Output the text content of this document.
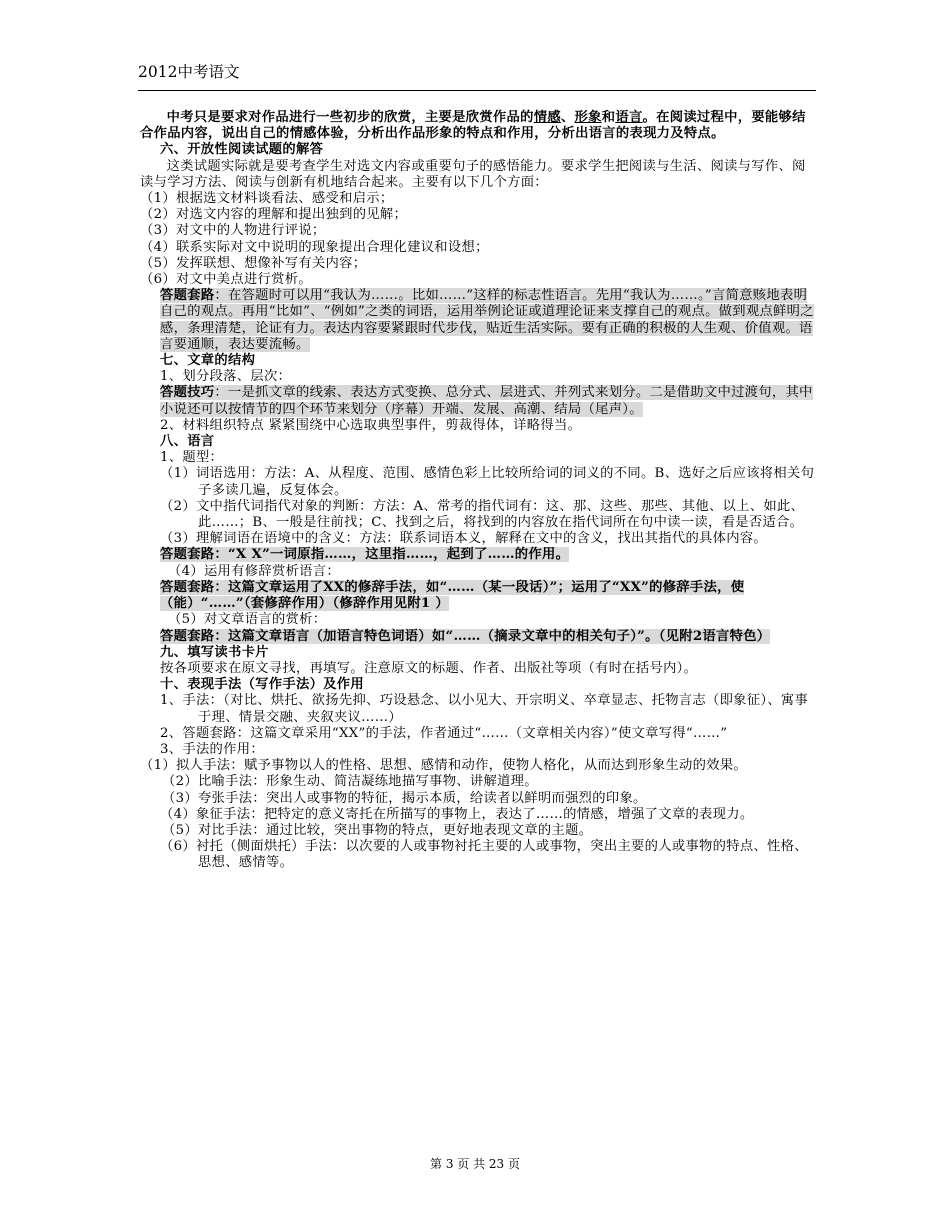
2012中考语文

中考只是要求对作品进行一些初步的欣赏，主要是欣赏作品的情感、形象和语言。在阅读过程中，要能够结合作品内容，说出自己的情感体验，分析出作品形象的特点和作用，分析出语言的表现力及特点。

六、开放性阅读试题的解答

这类试题实际就是要考查学生对选文内容或重要句子的感悟能力。要求学生把阅读与生活、阅读与写作、阅读与学习方法、阅读与创新有机地结合起来。主要有以下几个方面：

（1）根据选文材料谈看法、感受和启示；

（2）对选文内容的理解和提出独到的见解；

（3）对文中的人物进行评说；

（4）联系实际对文中说明的现象提出合理化建议和设想；

（5）发挥联想、想像补写有关内容；

（6）对文中美点进行赏析。

答题套路：在答题时可以用“我认为……。比如……”这样的标志性语言。先用“我认为……。”言简意赅地表明自己的观点。再用“比如”、“例如”之类的词语，运用举例论证或道理论证来支撑自己的观点。做到观点鲜明之感，条理清楚，论证有力。表达内容要紧跟时代步伐，贴近生活实际。要有正确的积极的人生观、价值观。语言要通顺，表达要流畅。

七、文章的结构

1、划分段落、层次：

答题技巧：一是抓文章的线索、表达方式变换、总分式、层进式、并列式来划分。二是借助文中过渡句，其中小说还可以按情节的四个环节来划分（序幕）开端、发展、高潮、结局（尾声）。

2、材料组织特点 紧紧围绕中心选取典型事件，剪裁得体，详略得当。

八、语言

1、题型：

（1）词语选用：方法：A、从程度、范围、感情色彩上比较所给词的词义的不同。B、选好之后应该将相关句子多读几遍，反复体会。

（2）文中指代词指代对象的判断：方法：A、常考的指代词有：这、那、这些、那些、其他、以上、如此、此……；B、一般是往前找；C、找到之后，将找到的内容放在指代词所在句中读一读，看是否适合。

（3）理解词语在语境中的含义：方法：联系词语本义，解释在文中的含义，找出其指代的具体内容。

答题套路：“X X”一词原指……，这里指……，起到了……的作用。

（4）运用有修辞赏析语言：

答题套路：这篇文章运用了XX的修辞手法，如“……（某一段话）”；运用了“XX”的修辞手法，使（能）“……”（套修辞作用）（修辞作用见附1 ）

（5）对文章语言的赏析：

答题套路：这篇文章语言（加语言特色词语）如“……（摘录文章中的相关句子）”。（见附2语言特色）

九、填写读书卡片

按各项要求在原文寻找，再填写。注意原文的标题、作者、出版社等项（有时在括号内）。

十、表现手法（写作手法）及作用

1、手法：（对比、烘托、欲扬先抑、巧设悬念、以小见大、开宗明义、卒章显志、托物言志（即象征）、寓事于理、情景交融、夹叙夹议……）

2、答题套路：这篇文章采用“XX”的手法，作者通过“……（文章相关内容）”使文章写得“……”

3、手法的作用：

（1）拟人手法：赋予事物以人的性格、思想、感情和动作，使物人格化，从而达到形象生动的效果。

（2）比喻手法：形象生动、简洁凝练地描写事物、讲解道理。

（3）夸张手法：突出人或事物的特征，揭示本质，给读者以鲜明而强烈的印象。

（4）象征手法：把特定的意义寄托在所描写的事物上，表达了……的情感，增强了文章的表现力。

（5）对比手法：通过比较，突出事物的特点，更好地表现文章的主题。

（6）衬托（侧面烘托）手法：以次要的人或事物衬托主要的人或事物，突出主要的人或事物的特点、性格、思想、感情等。

第 3 页 共 23 页
